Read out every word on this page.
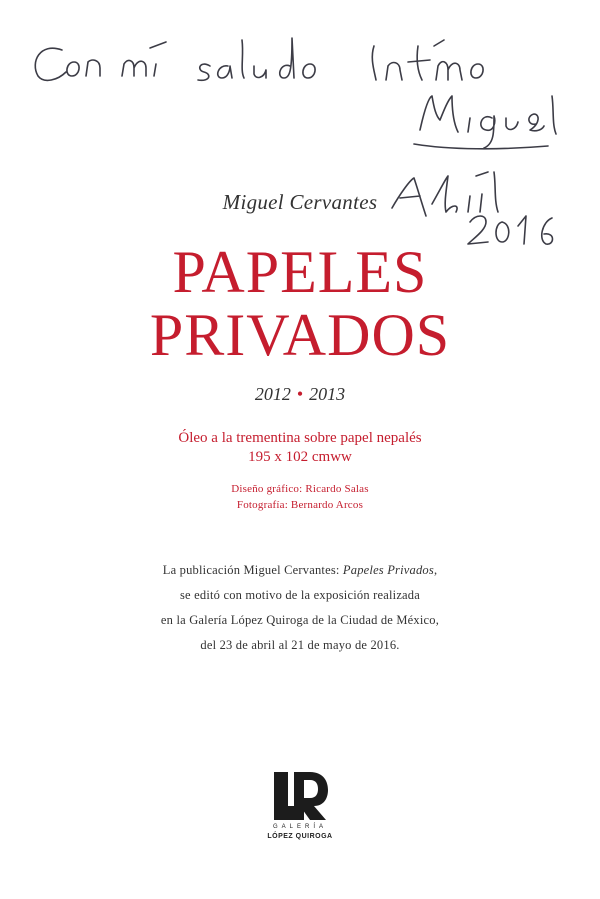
Miguel Cervantes
PAPELES
PRIVADOS
2012 • 2013
Óleo a la trementina sobre papel nepalés
195 x 102 cmww
Diseño gráfico: Ricardo Salas
Fotografía: Bernardo Arcos
La publicación Miguel Cervantes: Papeles Privados,
se editó con motivo de la exposición realizada
en la Galería López Quiroga de la Ciudad de México,
del 23 de abril al 21 de mayo de 2016.
GALERÍA
LÓPEZ QUIROGA
